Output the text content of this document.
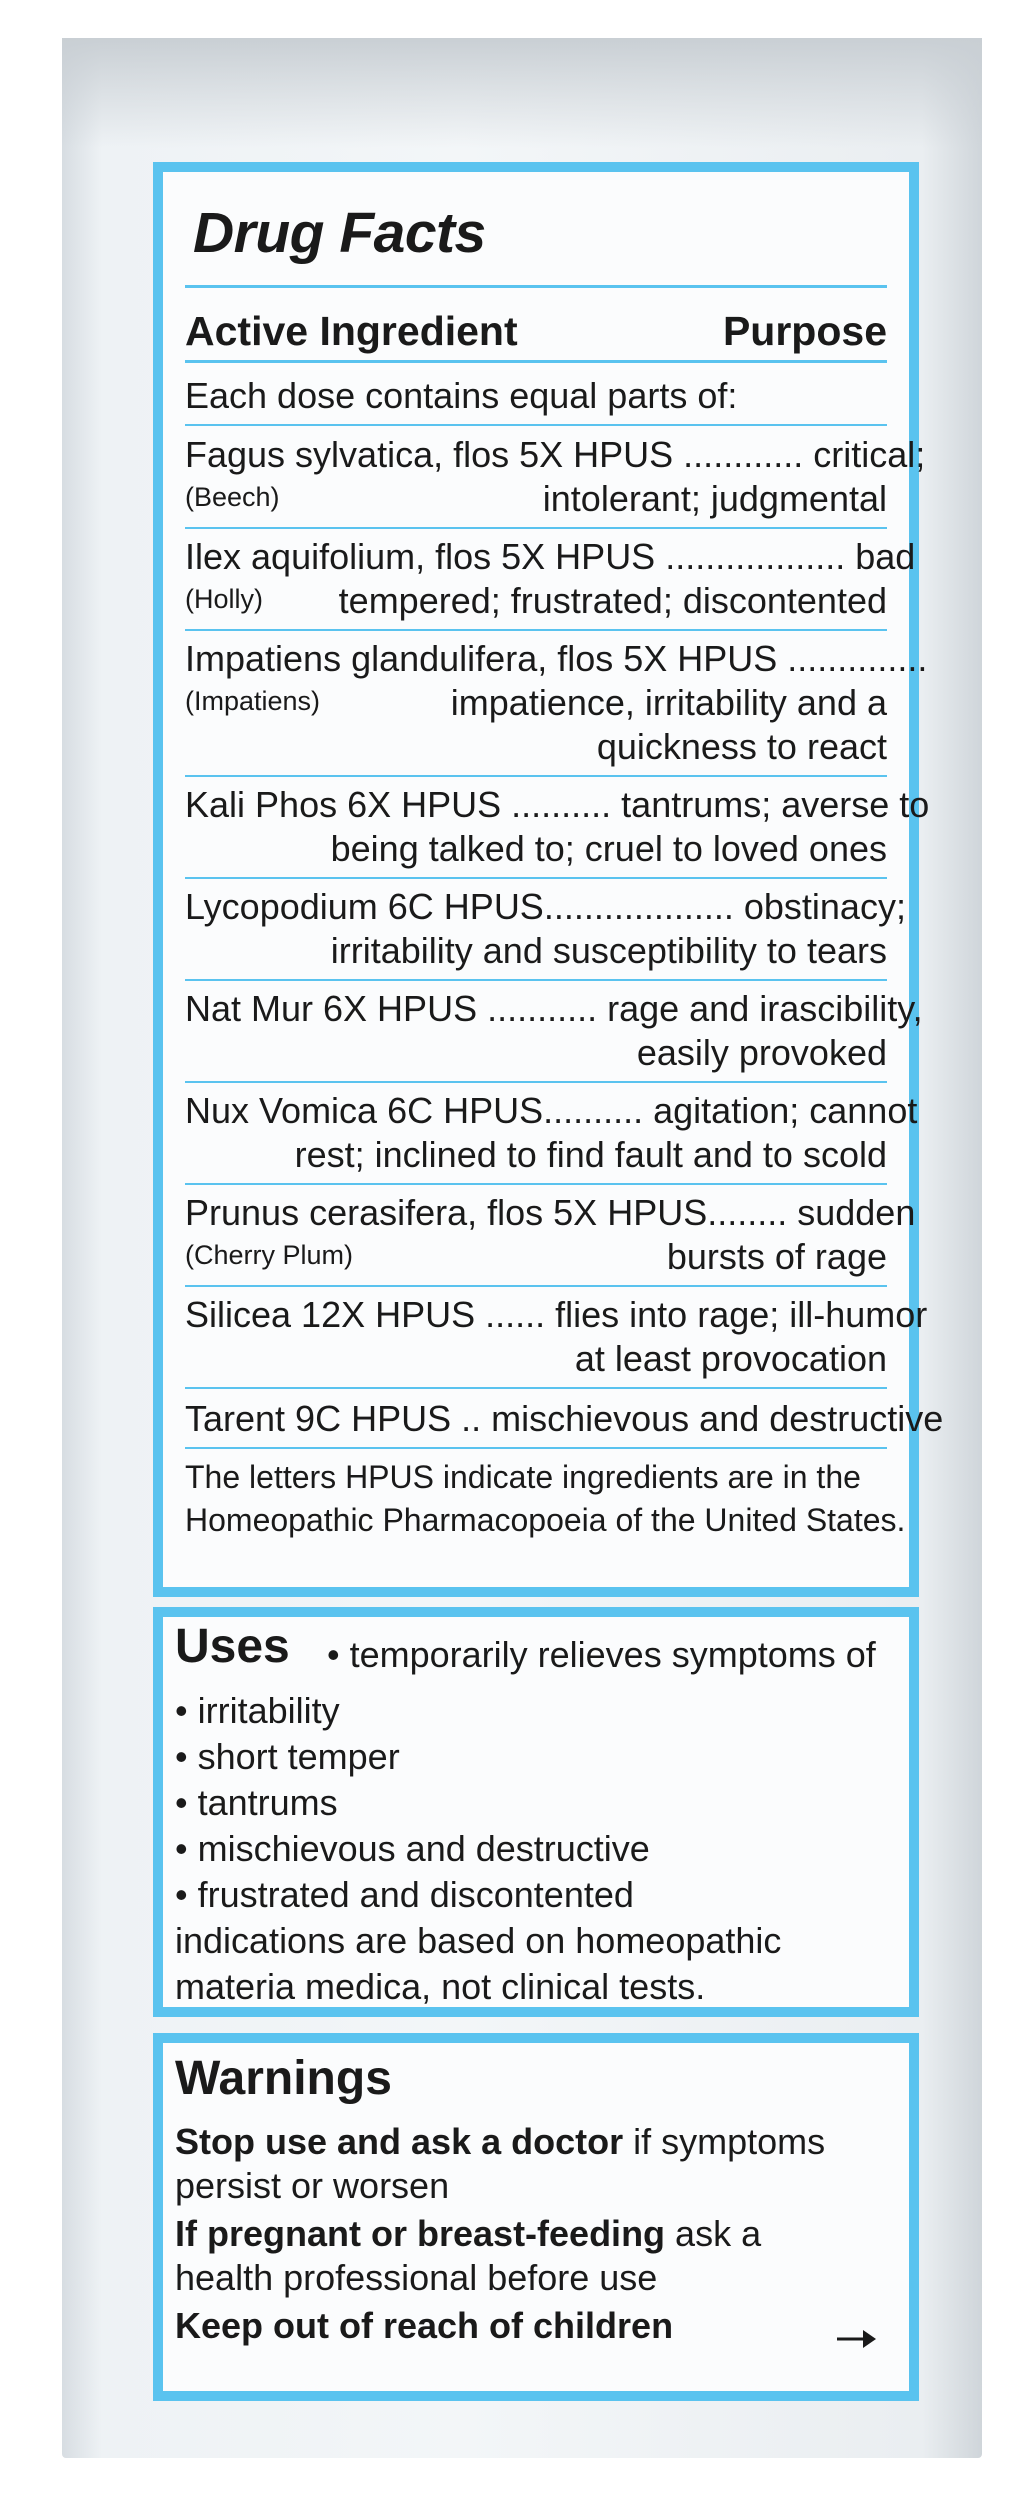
Drug Facts
Active Ingredient	Purpose
Each dose contains equal parts of:
Fagus sylvatica, flos 5X HPUS ............ critical;
(Beech)	intolerant; judgmental
Ilex aquifolium, flos 5X HPUS .................. bad
(Holly)	tempered; frustrated; discontented
Impatiens glandulifera, flos 5X HPUS ..............
(Impatiens)	impatience, irritability and a
quickness to react
Kali Phos 6X HPUS .......... tantrums; averse to
being talked to; cruel to loved ones
Lycopodium 6C HPUS................... obstinacy;
irritability and susceptibility to tears
Nat Mur 6X HPUS ........... rage and irascibility,
easily provoked
Nux Vomica 6C HPUS.......... agitation; cannot
rest; inclined to find fault and to scold
Prunus cerasifera, flos 5X HPUS........ sudden
(Cherry Plum)	bursts of rage
Silicea 12X HPUS ...... flies into rage; ill-humor
at least provocation
Tarent 9C HPUS .. mischievous and destructive
The letters HPUS indicate ingredients are in the
Homeopathic Pharmacopoeia of the United States.
Uses • temporarily relieves symptoms of
• irritability
• short temper
• tantrums
• mischievous and destructive
• frustrated and discontented
indications are based on homeopathic
materia medica, not clinical tests.
Warnings
Stop use and ask a doctor if symptoms
persist or worsen
If pregnant or breast-feeding ask a
health professional before use
Keep out of reach of children
